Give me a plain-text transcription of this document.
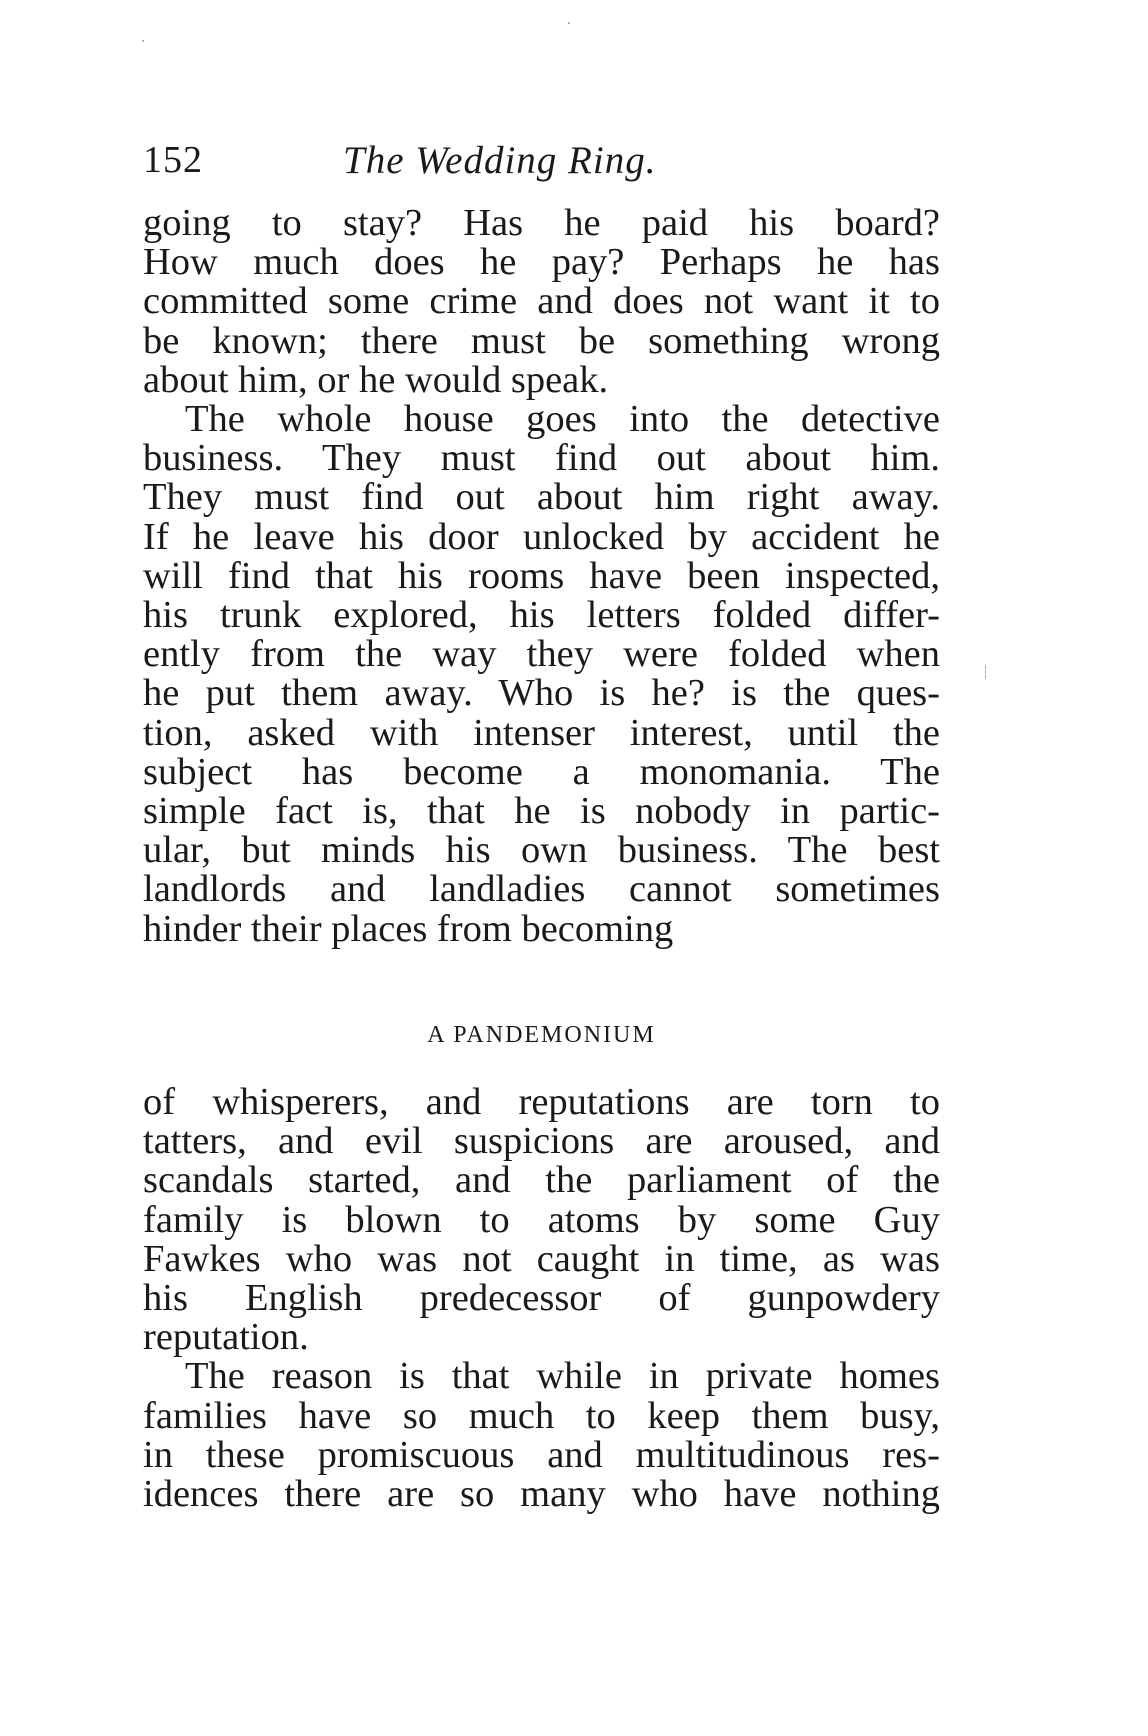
152	The Wedding Ring.
going to stay? Has he paid his board?
How much does he pay? Perhaps he has
committed some crime and does not want it to
be known; there must be something wrong
about him, or he would speak.
The whole house goes into the detective
business. They must find out about him.
They must find out about him right away.
If he leave his door unlocked by accident he
will find that his rooms have been inspected,
his trunk explored, his letters folded differ-
ently from the way they were folded when
he put them away. Who is he? is the ques-
tion, asked with intenser interest, until the
subject has become a monomania. The
simple fact is, that he is nobody in partic-
ular, but minds his own business. The best
landlords and landladies cannot sometimes
hinder their places from becoming
A PANDEMONIUM
of whisperers, and reputations are torn to
tatters, and evil suspicions are aroused, and
scandals started, and the parliament of the
family is blown to atoms by some Guy
Fawkes who was not caught in time, as was
his English predecessor of gunpowdery
reputation.
The reason is that while in private homes
families have so much to keep them busy,
in these promiscuous and multitudinous res-
idences there are so many who have nothing
